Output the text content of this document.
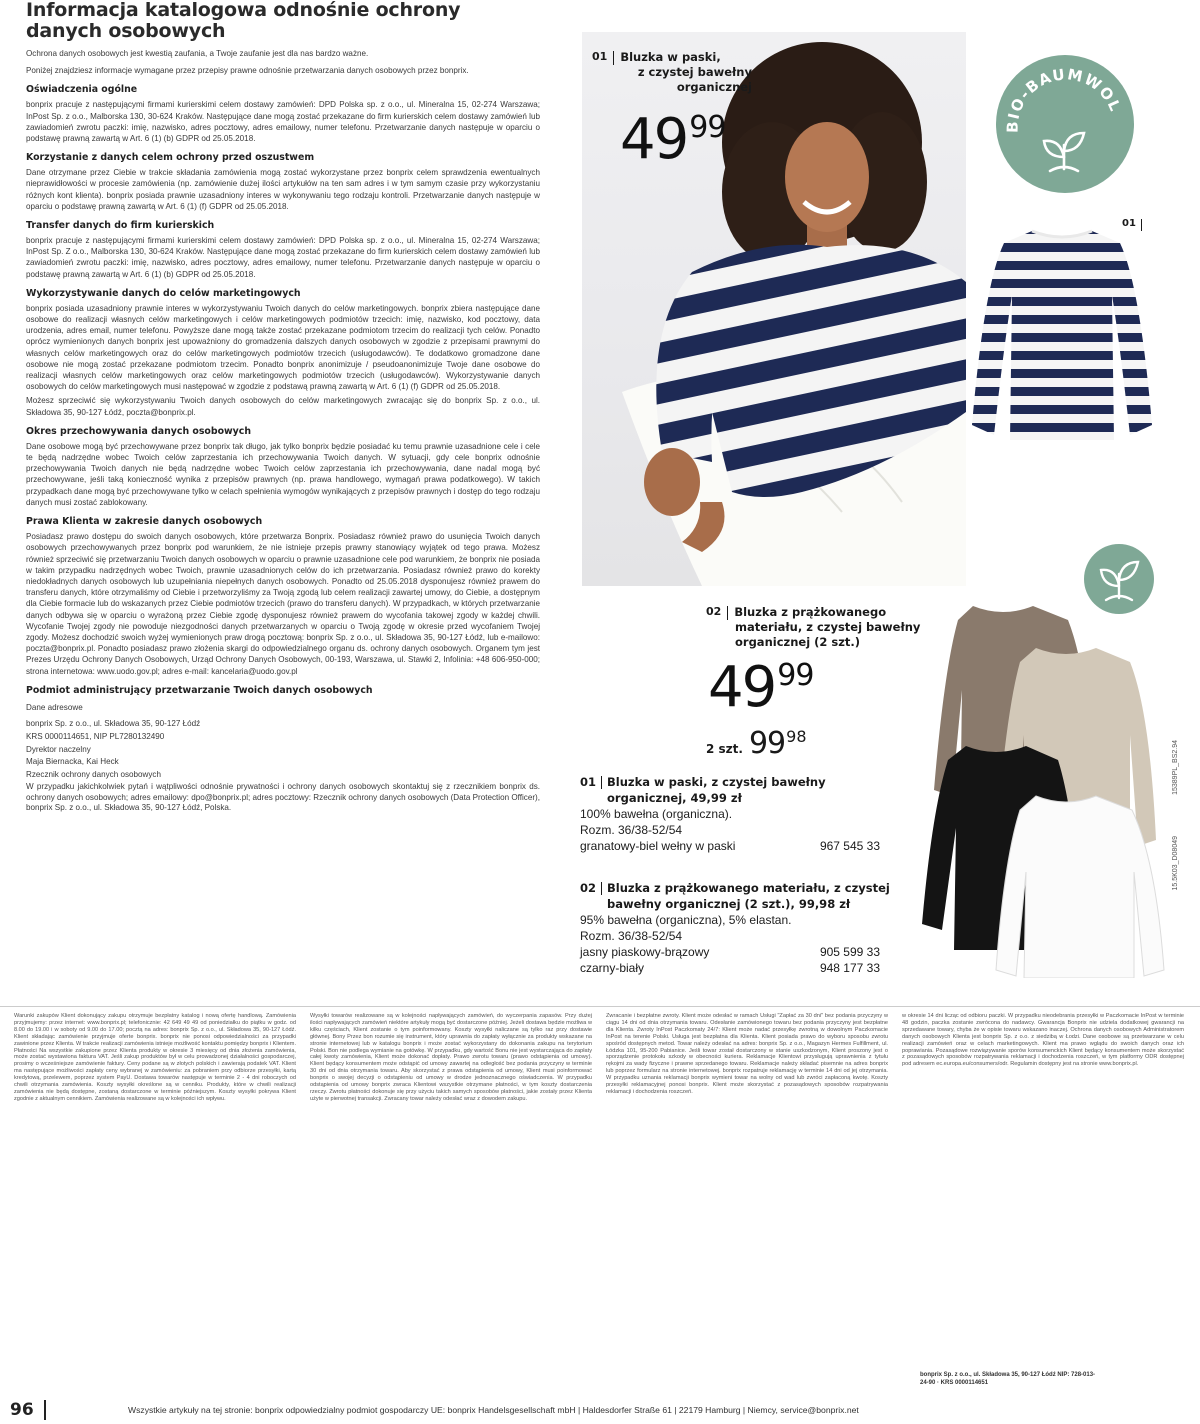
Informacja katalogowa odnośnie ochrony danych osobowych

Ochrona danych osobowych jest kwestią zaufania, a Twoje zaufanie jest dla nas bardzo ważne.

Poniżej znajdziesz informacje wymagane przez przepisy prawne odnośnie przetwarzania danych osobowych przez bonprix.

Oświadczenia ogólne

bonprix pracuje z następującymi firmami kurierskimi celem dostawy zamówień: DPD Polska sp. z o.o., ul. Mineralna 15, 02-274 Warszawa; InPost Sp. z o.o., Malborska 130, 30-624 Kraków. Następujące dane mogą zostać przekazane do firm kurierskich celem dostawy zamówień lub zawiadomień zwrotu paczki: imię, nazwisko, adres pocztowy, adres emailowy, numer telefonu. Przetwarzanie danych następuje w oparciu o podstawę prawną zawartą w Art. 6 (1) (b) GDPR od 25.05.2018.

Korzystanie z danych celem ochrony przed oszustwem

Dane otrzymane przez Ciebie w trakcie składania zamówienia mogą zostać wykorzystane przez bonprix celem sprawdzenia ewentualnych nieprawidłowości w procesie zamówienia (np. zamówienie dużej ilości artykułów na ten sam adres i w tym samym czasie przy wykorzystaniu różnych kont klienta). bonprix posiada prawnie uzasadniony interes w wykonywaniu tego rodzaju kontroli. Przetwarzanie danych następuje w oparciu o podstawę prawną zawartą w Art. 6 (1) (f) GDPR od 25.05.2018.

Transfer danych do firm kurierskich

bonprix pracuje z następującymi firmami kurierskimi celem dostawy zamówień: DPD Polska sp. z o.o., ul. Mineralna 15, 02-274 Warszawa; InPost Sp. Z o.o., Malborska 130, 30-624 Kraków. Następujące dane mogą zostać przekazane do firm kurierskich celem dostawy zamówień lub zawiadomień zwrotu paczki: imię, nazwisko, adres pocztowy, adres emailowy, numer telefonu. Przetwarzanie danych następuje w oparciu o podstawę prawną zawartą w Art. 6 (1) (b) GDPR od 25.05.2018.

Wykorzystywanie danych do celów marketingowych

bonprix posiada uzasadniony prawnie interes w wykorzystywaniu Twoich danych do celów marketingowych. bonprix zbiera następujące dane osobowe do realizacji własnych celów marketingowych i celów marketingowych podmiotów trzecich: imię, nazwisko, kod pocztowy, data urodzenia, adres email, numer telefonu. Powyższe dane mogą także zostać przekazane podmiotom trzecim do realizacji tych celów. Ponadto oprócz wymienionych danych bonprix jest upoważniony do gromadzenia dalszych danych osobowych w zgodzie z przepisami prawnymi do własnych celów marketingowych oraz do celów marketingowych podmiotów trzecich (usługodawców). Te dodatkowo gromadzone dane osobowe nie mogą zostać przekazane podmiotom trzecim. Ponadto bonprix anonimizuje / pseudoanonimizuje Twoje dane osobowe do realizacji własnych celów marketingowych oraz celów marketingowych podmiotów trzecich (usługodawców). Wykorzystywanie danych osobowych do celów marketingowych musi następować w zgodzie z podstawą prawną zawartą w Art. 6 (1) (f) GDPR od 25.05.2018.

Możesz sprzeciwić się wykorzystywaniu Twoich danych osobowych do celów marketingowych zwracając się do bonprix Sp. z o.o., ul. Składowa 35, 90-127 Łódź, poczta@bonprix.pl.

Okres przechowywania danych osobowych

Dane osobowe mogą być przechowywane przez bonprix tak długo, jak tylko bonprix będzie posiadać ku temu prawnie uzasadnione cele i cele te będą nadrzędne wobec Twoich celów zaprzestania ich przechowywania Twoich danych. W sytuacji, gdy cele bonprix odnośnie przechowywania Twoich danych nie będą nadrzędne wobec Twoich celów zaprzestania ich przechowywania, dane nadal mogą być przechowywane, jeśli taką konieczność wynika z przepisów prawnych (np. prawa handlowego, wymagań prawa podatkowego). W takich przypadkach dane mogą być przechowywane tylko w celach spełnienia wymogów wynikających z przepisów prawnych i dostęp do tego rodzaju danych musi zostać zablokowany.

Prawa Klienta w zakresie danych osobowych

Posiadasz prawo dostępu do swoich danych osobowych, które przetwarza Bonprix. Posiadasz również prawo do usunięcia Twoich danych osobowych przechowywanych przez bonprix pod warunkiem, że nie istnieje przepis prawny stanowiący wyjątek od tego prawa. Możesz również sprzeciwić się przetwarzaniu Twoich danych osobowych w oparciu o prawnie uzasadnione cele pod warunkiem, że bonprix nie posiada w takim przypadku nadrzędnych wobec Twoich, prawnie uzasadnionych celów do ich przetwarzania. Posiadasz również prawo do korekty niedokładnych danych osobowych lub uzupełniania niepełnych danych osobowych. Ponadto od 25.05.2018 dysponujesz również prawem do transferu danych, które otrzymaliśmy od Ciebie i przetworzyliśmy za Twoją zgodą lub celem realizacji zawartej umowy, do Ciebie, a dostępnym dla Ciebie formacie lub do wskazanych przez Ciebie podmiotów trzecich (prawo do transferu danych). W przypadkach, w których przetwarzanie danych odbywa się w oparciu o wyrażoną przez Ciebie zgodę dysponujesz również prawem do wycofania takowej zgody w każdej chwili. Wycofanie Twojej zgody nie powoduje niezgodności danych przetwarzanych w oparciu o Twoją zgodę w okresie przed wycofaniem Twojej zgody. Możesz dochodzić swoich wyżej wymienionych praw drogą pocztową: bonprix Sp. z o.o., ul. Składowa 35, 90-127 Łódź, lub e-mailowo: poczta@bonprix.pl. Ponadto posiadasz prawo złożenia skargi do odpowiedzialnego organu ds. ochrony danych osobowych. Organem tym jest Prezes Urzędu Ochrony Danych Osobowych, Urząd Ochrony Danych Osobowych, 00-193, Warszawa, ul. Stawki 2, Infolinia: +48 606-950-000; strona internetowa: www.uodo.gov.pl; adres e-mail: kancelaria@uodo.gov.pl

Podmiot administrujący przetwarzanie Twoich danych osobowych

Dane adresowe

bonprix Sp. z o.o., ul. Składowa 35, 90-127 Łódź

KRS 0000114651, NIP PL7280132490

Dyrektor naczelny

Maja Biernacka, Kai Heck

Rzecznik ochrony danych osobowych

W przypadku jakichkolwiek pytań i wątpliwości odnośnie prywatności i ochrony danych osobowych skontaktuj się z rzecznikiem bonprix ds. ochrony danych osobowych; adres emailowy: dpo@bonprix.pl; adres pocztowy: Rzecznik ochrony danych osobowych (Data Protection Officer), bonprix Sp. z o.o., ul. Składowa 35, 90-127 Łódź, Polska.

01 Bluzka w paski,
z czystej bawełny
organicznej
49 99	BIO-BAUMWOL
01
02 Bluzka z prążkowanego
materiału, z czystej bawełny
organicznej (2 szt.)
49 99
2 szt. 99 98
15389PL_BS2.94
15.5K03_D08049
01 Bluzka w paski, z czystej bawełny organicznej, 49,99 zł
100% bawełna (organiczna).
Rozm. 36/38-52/54
granatowy-biel wełny w paski	967 545 33
02 Bluzka z prążkowanego materiału, z czystej bawełny organicznej (2 szt.), 99,98 zł
95% bawełna (organiczna), 5% elastan.
Rozm. 36/38-52/54
jasny piaskowy-brązowy	905 599 33
czarny-biały	948 177 33
Warunki zakupów Klient dokonujący zakupu otrzymuje bezpłatny katalog i nową ofertę handlową. Zamówienia przyjmujemy: przez internet: www.bonprix.pl; telefonicznie: 42 649 49 49 od poniedziałku do piątku w godz. od 8.00 do 19.00 i w soboty od 9.00 do 17.00; pocztą na adres: bonprix Sp. z o.o., ul. Składowa 35, 90-127 Łódź. Klient składając zamówienie przyjmuje oferte bonprix. bonprix nie ponosi odpowiedzialności za przypadki zawinione przez Klienta. W trakcie realizacji zamówienia istnieje możliwość kontaktu pomiędzy bonprix i Klientem. Płatności Na wszystkie zakupione przez Klienta produkty w okresie 3 miesięcy od dnia złożenia zamówienia, może zostać wystawiona faktura VAT. Jeśli zakup produktów był w celu prowadzonej działalności gospodarczej, prosimy o wcześniejsze zamówienie faktury. Ceny podane są w złotych polskich i zawierają podatek VAT. Klient ma następujące możliwości zapłaty ceny wybranej w zamówieniu: za pobraniem przy odbiorze przesyłki, kartą kredytową, przelewem, poprzez system PayU. Dostawa towarów następuje w terminie 2 - 4 dni roboczych od chwili otrzymania zamówienia. Koszty wysyłki określone są w cenniku. Produkty, które w chwili realizacji zamówienia nie będą dostępne, zostaną dostarczone w terminie późniejszym. Koszty wysyłki pokrywa Klient zgodnie z aktualnym cennikiem. Zamówienia realizowane są w kolejności ich wpływu.
Wysyłki towarów realizowane są w kolejności napływających zamówień, do wyczerpania zapasów. Przy dużej ilości napływających zamówień niektóre artykuły mogą być dostarczone później. Jeżeli dostawa będzie możliwa w kilku częściach, Klient zostanie o tym poinformowany. Koszty wysyłki naliczane są tylko raz przy dostawie głównej. Bony Przez bon rozumie się instrument, który uprawnia do zapłaty wyłącznie za produkty wskazane na stronie internetowej lub w katalogu bonprix i może zostać wykorzystany do dokonania zakupu na terytorium Polski. Bon nie podlega wymianie na gotówkę. W przypadku, gdy wartość Bonu nie jest wystarczająca do zapłaty całej kwoty zamówienia, Klient może dokonać dopłaty. Prawo zwrotu towaru (prawo odstąpienia od umowy). Klient będący konsumentem może odstąpić od umowy zawartej na odległość bez podania przyczyny w terminie 30 dni od dnia otrzymania towaru. Aby skorzystać z prawa odstąpienia od umowy, Klient musi poinformować bonprix o swojej decyzji o odstąpieniu od umowy w drodze jednoznacznego oświadczenia. W przypadku odstąpienia od umowy bonprix zwraca Klientowi wszystkie otrzymane płatności, w tym koszty dostarczenia rzeczy. Zwrotu płatności dokonuje się przy użyciu takich samych sposobów płatności, jakie zostały przez Klienta użyte w pierwotnej transakcji. Zwracany towar należy odesłać wraz z dowodem zakupu.
Zwracanie i bezpłatne zwroty. Klient może odesłać w ramach Usługi "Zapłać za 30 dni" bez podania przyczyny w ciągu 14 dni od dnia otrzymania towaru. Odesłanie zamówionego towaru bez podania przyczyny jest bezpłatne dla Klienta. Zwroty InPost Paczkomaty 24/7: Klient może nadać przesyłkę zwrotną w dowolnym Paczkomacie InPost na terenie Polski. Usługa jest bezpłatna dla Klienta. Klient posiada prawo do wyboru sposobu zwrotu spośród dostępnych metod. Towar należy odesłać na adres: bonprix Sp. z o.o., Magazyn Hermes Fulfillment, ul. Łódzka 101, 95-200 Pabianice. Jeśli towar został dostarczony w stanie uszkodzonym, Klient proszony jest o sporządzenie protokołu szkody w obecności kuriera. Reklamacje Klientowi przysługują uprawnienia z tytułu rękojmi za wady fizyczne i prawne sprzedanego towaru. Reklamacje należy składać pisemnie na adres bonprix lub poprzez formularz na stronie internetowej. bonprix rozpatruje reklamację w terminie 14 dni od jej otrzymania. W przypadku uznania reklamacji bonprix wymieni towar na wolny od wad lub zwróci zapłaconą kwotę. Koszty przesyłki reklamacyjnej ponosi bonprix. Klient może skorzystać z pozasądowych sposobów rozpatrywania reklamacji i dochodzenia roszczeń.
w okresie 14 dni licząc od odbioru paczki. W przypadku nieodebrania przesyłki w Paczkomacie InPost w terminie 48 godzin, paczka zostanie zwrócona do nadawcy. Gwarancja Bonprix nie udziela dodatkowej gwarancji na sprzedawane towary, chyba że w opisie towaru wskazano inaczej. Ochrona danych osobowych Administratorem danych osobowych Klienta jest bonprix Sp. z o.o. z siedzibą w Łodzi. Dane osobowe są przetwarzane w celu realizacji zamówień oraz w celach marketingowych. Klient ma prawo wglądu do swoich danych oraz ich poprawiania. Pozasądowe rozwiązywanie sporów konsumenckich Klient będący konsumentem może skorzystać z pozasądowych sposobów rozpatrywania reklamacji i dochodzenia roszczeń, w tym platformy ODR dostępnej pod adresem ec.europa.eu/consumers/odr. Regulamin dostępny jest na stronie www.bonprix.pl.
bonprix Sp. z o.o., ul. Składowa 35, 90-127 Łódź NIP: 728-013-24-90 · KRS 0000114651
96	Wszystkie artykuły na tej stronie: bonprix odpowiedzialny podmiot gospodarczy UE: bonprix Handelsgesellschaft mbH | Haldesdorfer Straße 61 | 22179 Hamburg | Niemcy, service@bonprix.net
